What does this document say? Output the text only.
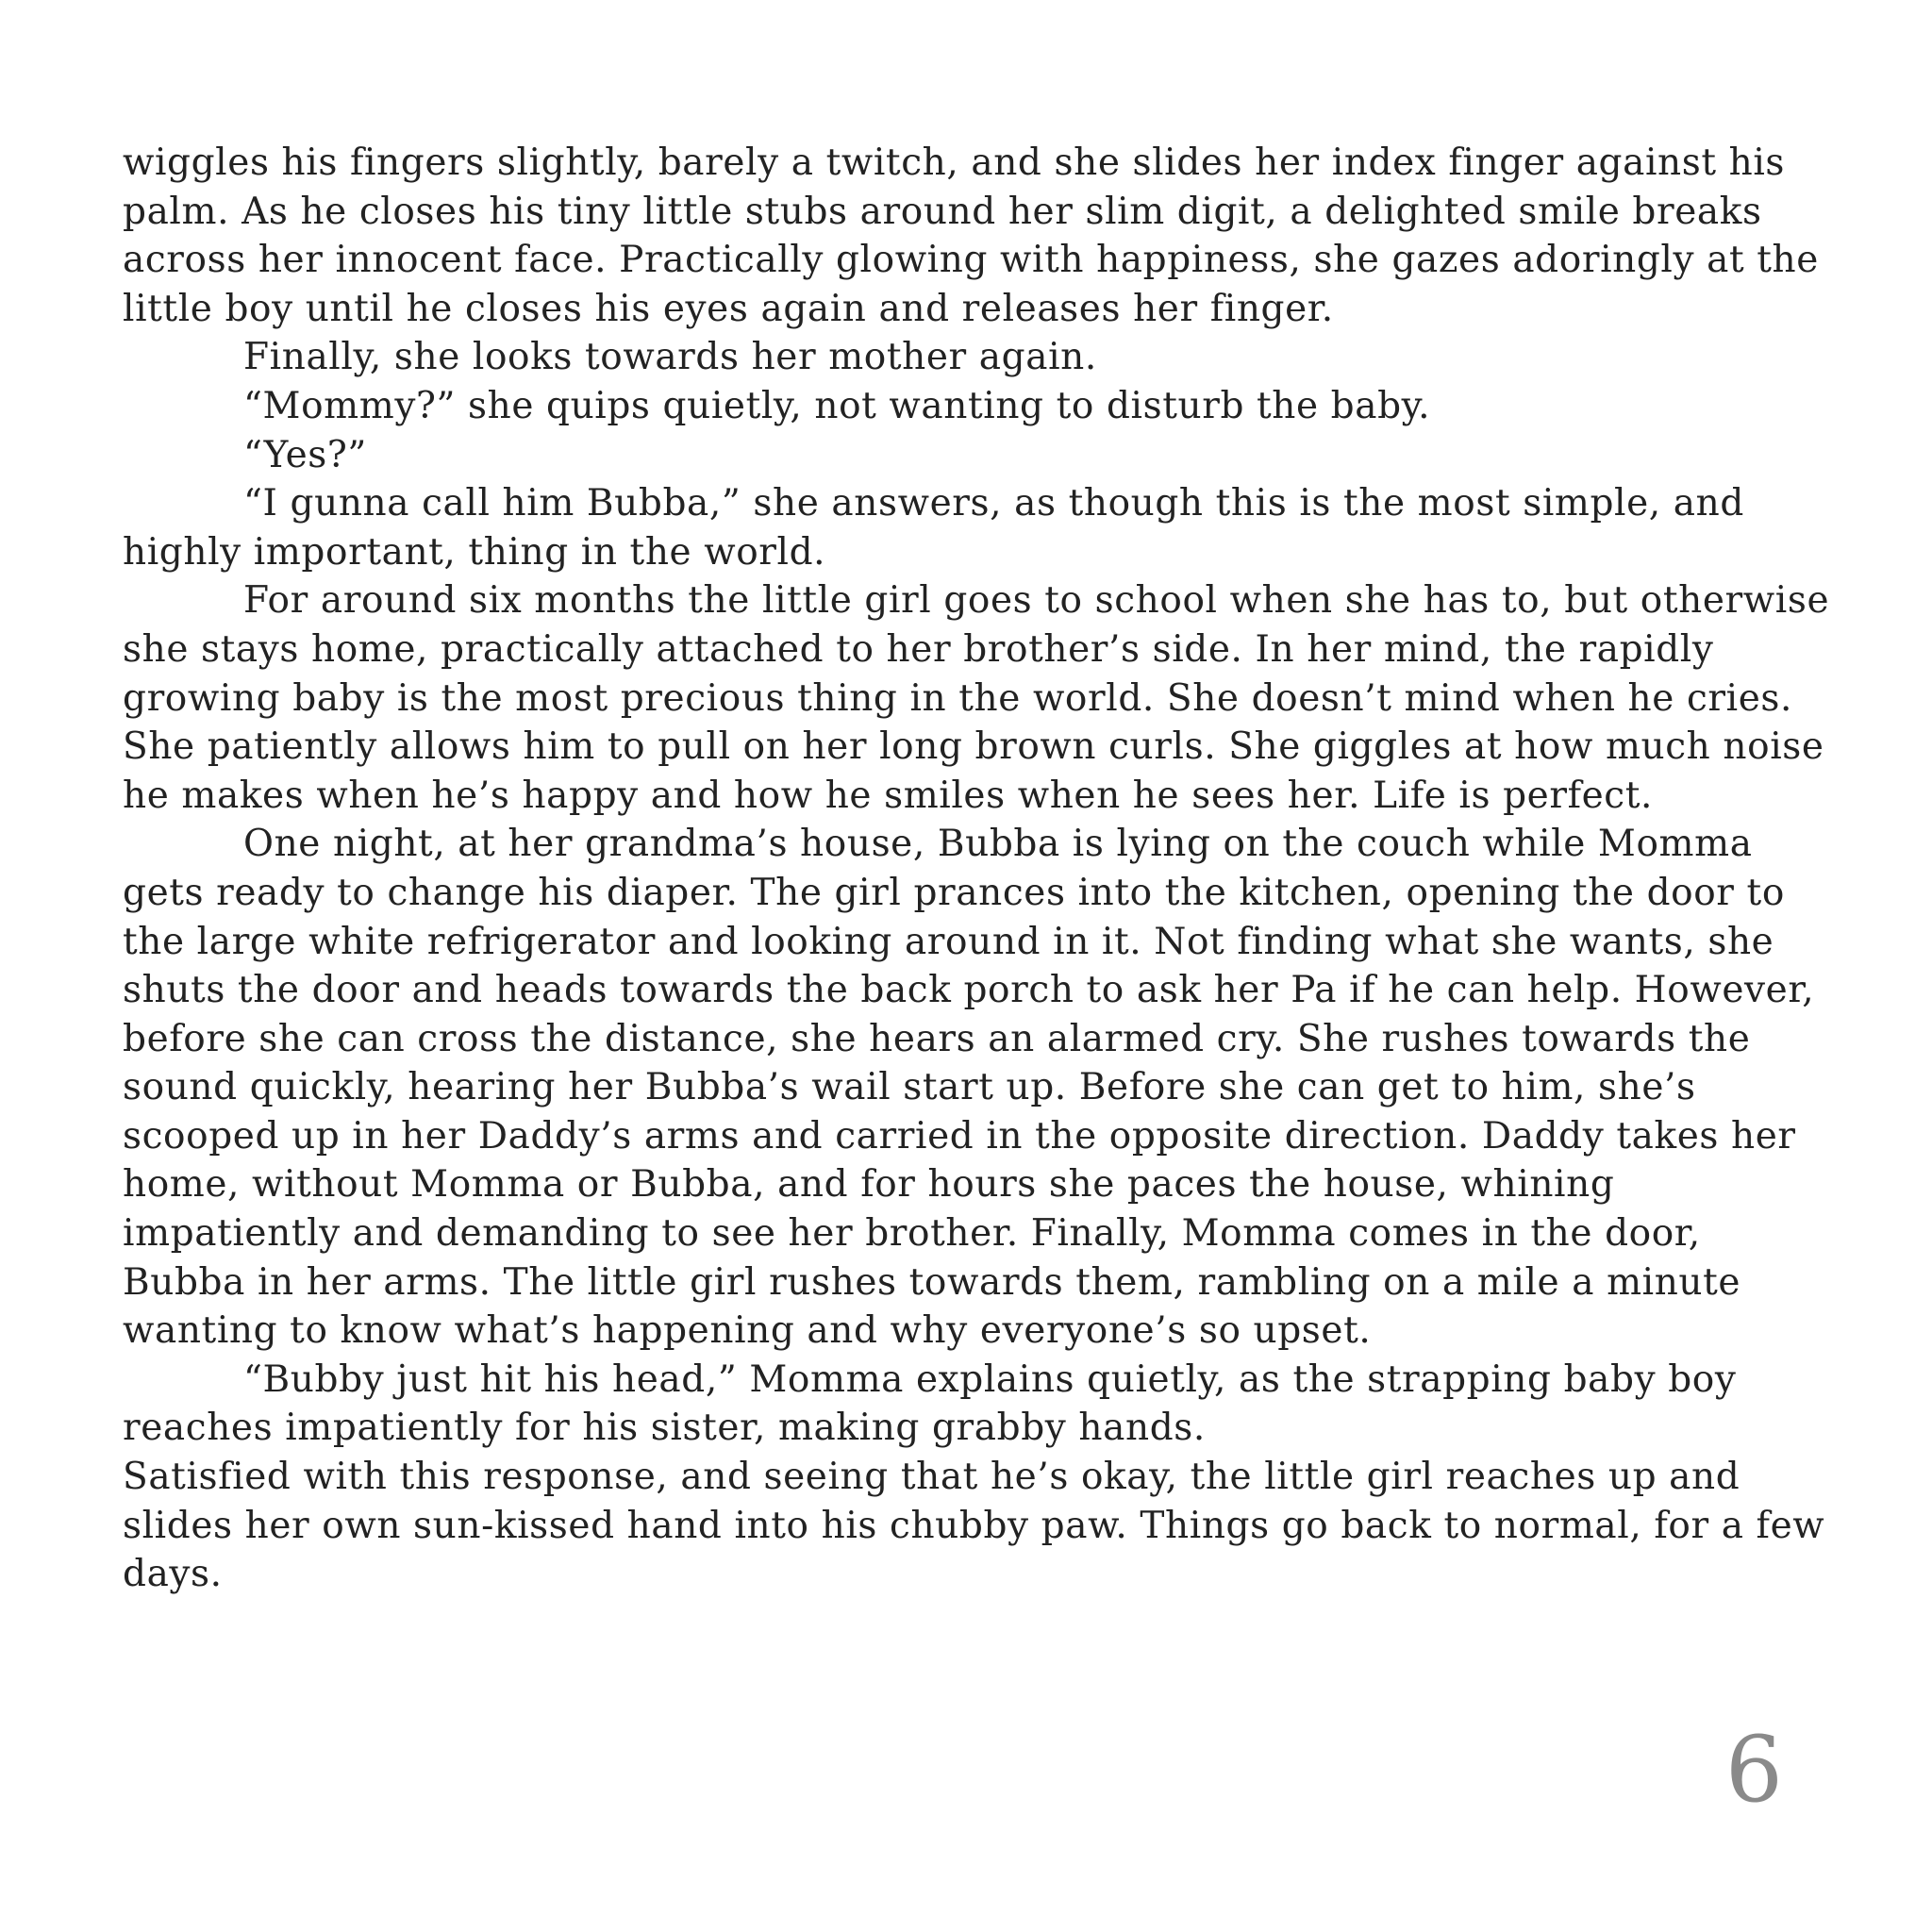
wiggles his fingers slightly, barely a twitch, and she slides her index finger against his palm. As he closes his tiny little stubs around her slim digit, a delighted smile breaks across her innocent face. Practically glowing with happiness, she gazes adoringly at the little boy until he closes his eyes again and releases her finger.

Finally, she looks towards her mother again.

“Mommy?” she quips quietly, not wanting to disturb the baby.

“Yes?”

“I gunna call him Bubba,” she answers, as though this is the most simple, and highly important, thing in the world.

For around six months the little girl goes to school when she has to, but otherwise she stays home, practically attached to her brother’s side. In her mind, the rapidly growing baby is the most precious thing in the world. She doesn’t mind when he cries. She patiently allows him to pull on her long brown curls. She giggles at how much noise he makes when he’s happy and how he smiles when he sees her. Life is perfect.

One night, at her grandma’s house, Bubba is lying on the couch while Momma gets ready to change his diaper. The girl prances into the kitchen, opening the door to the large white refrigerator and looking around in it. Not finding what she wants, she shuts the door and heads towards the back porch to ask her Pa if he can help. However, before she can cross the distance, she hears an alarmed cry. She rushes towards the sound quickly, hearing her Bubba’s wail start up. Before she can get to him, she’s scooped up in her Daddy’s arms and carried in the opposite direction. Daddy takes her home, without Momma or Bubba, and for hours she paces the house, whining impatiently and demanding to see her brother. Finally, Momma comes in the door, Bubba in her arms. The little girl rushes towards them, rambling on a mile a minute wanting to know what’s happening and why everyone’s so upset.

“Bubby just hit his head,” Momma explains quietly, as the strapping baby boy reaches impatiently for his sister, making grabby hands.

Satisfied with this response, and seeing that he’s okay, the little girl reaches up and slides her own sun-kissed hand into his chubby paw. Things go back to normal, for a few days.

6
